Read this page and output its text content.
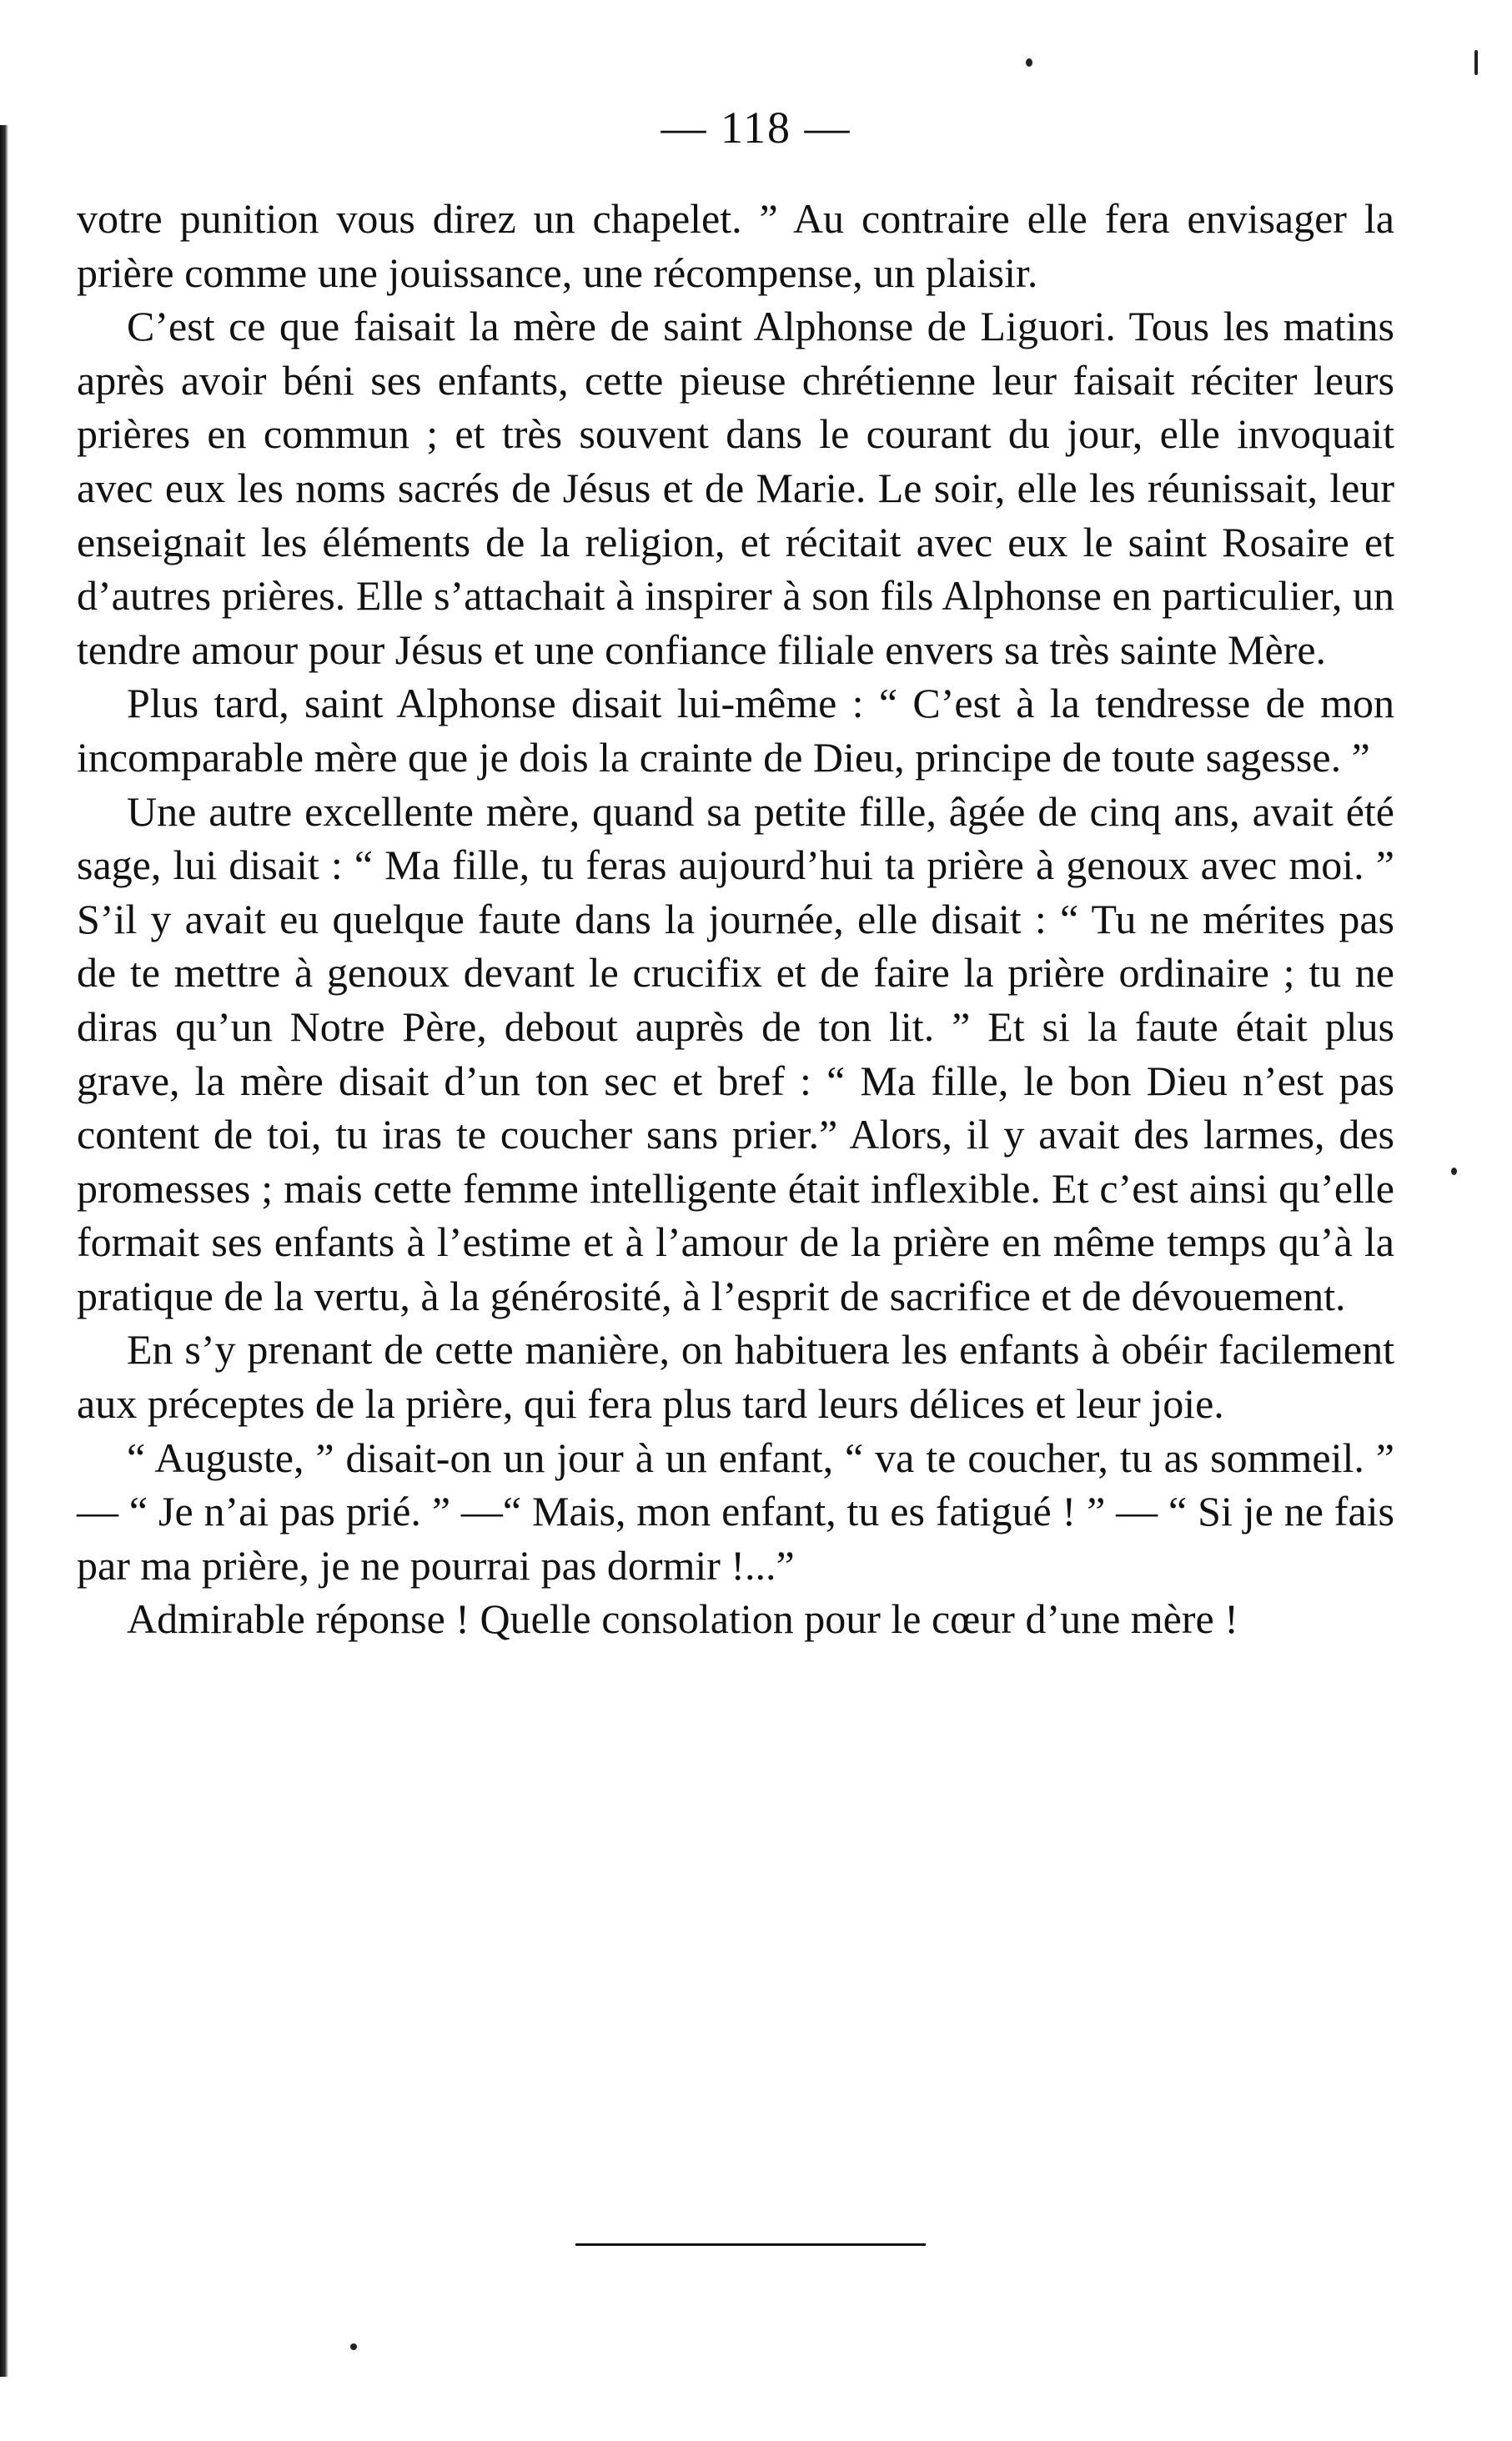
— 118 —

votre punition vous direz un chapelet. ” Au contraire elle fera envisager la prière comme une jouissance, une récompense, un plaisir.

C’est ce que faisait la mère de saint Alphonse de Liguori. Tous les matins après avoir béni ses enfants, cette pieuse chrétienne leur faisait réciter leurs prières en commun ; et très souvent dans le courant du jour, elle invoquait avec eux les noms sacrés de Jésus et de Marie. Le soir, elle les réunissait, leur enseignait les éléments de la religion, et récitait avec eux le saint Rosaire et d’autres prières. Elle s’attachait à inspirer à son fils Alphonse en particulier, un tendre amour pour Jésus et une confiance filiale envers sa très sainte Mère.

Plus tard, saint Alphonse disait lui-même : “ C’est à la tendresse de mon incomparable mère que je dois la crainte de Dieu, principe de toute sagesse. ”

Une autre excellente mère, quand sa petite fille, âgée de cinq ans, avait été sage, lui disait : “ Ma fille, tu feras aujourd’hui ta prière à genoux avec moi. ” S’il y avait eu quelque faute dans la journée, elle disait : “ Tu ne mérites pas de te mettre à genoux devant le crucifix et de faire la prière ordinaire ; tu ne diras qu’un Notre Père, debout auprès de ton lit. ” Et si la faute était plus grave, la mère disait d’un ton sec et bref : “ Ma fille, le bon Dieu n’est pas content de toi, tu iras te coucher sans prier.” Alors, il y avait des larmes, des promesses ; mais cette femme intelligente était inflexible. Et c’est ainsi qu’elle formait ses enfants à l’estime et à l’amour de la prière en même temps qu’à la pratique de la vertu, à la générosité, à l’esprit de sacrifice et de dévouement.

En s’y prenant de cette manière, on habituera les enfants à obéir facilement aux préceptes de la prière, qui fera plus tard leurs délices et leur joie.

“ Auguste, ” disait-on un jour à un enfant, “ va te coucher, tu as sommeil. ” — “ Je n’ai pas prié. ” —“ Mais, mon enfant, tu es fatigué ! ” — “ Si je ne fais par ma prière, je ne pourrai pas dormir !...”

Admirable réponse ! Quelle consolation pour le cœur d’une mère !
